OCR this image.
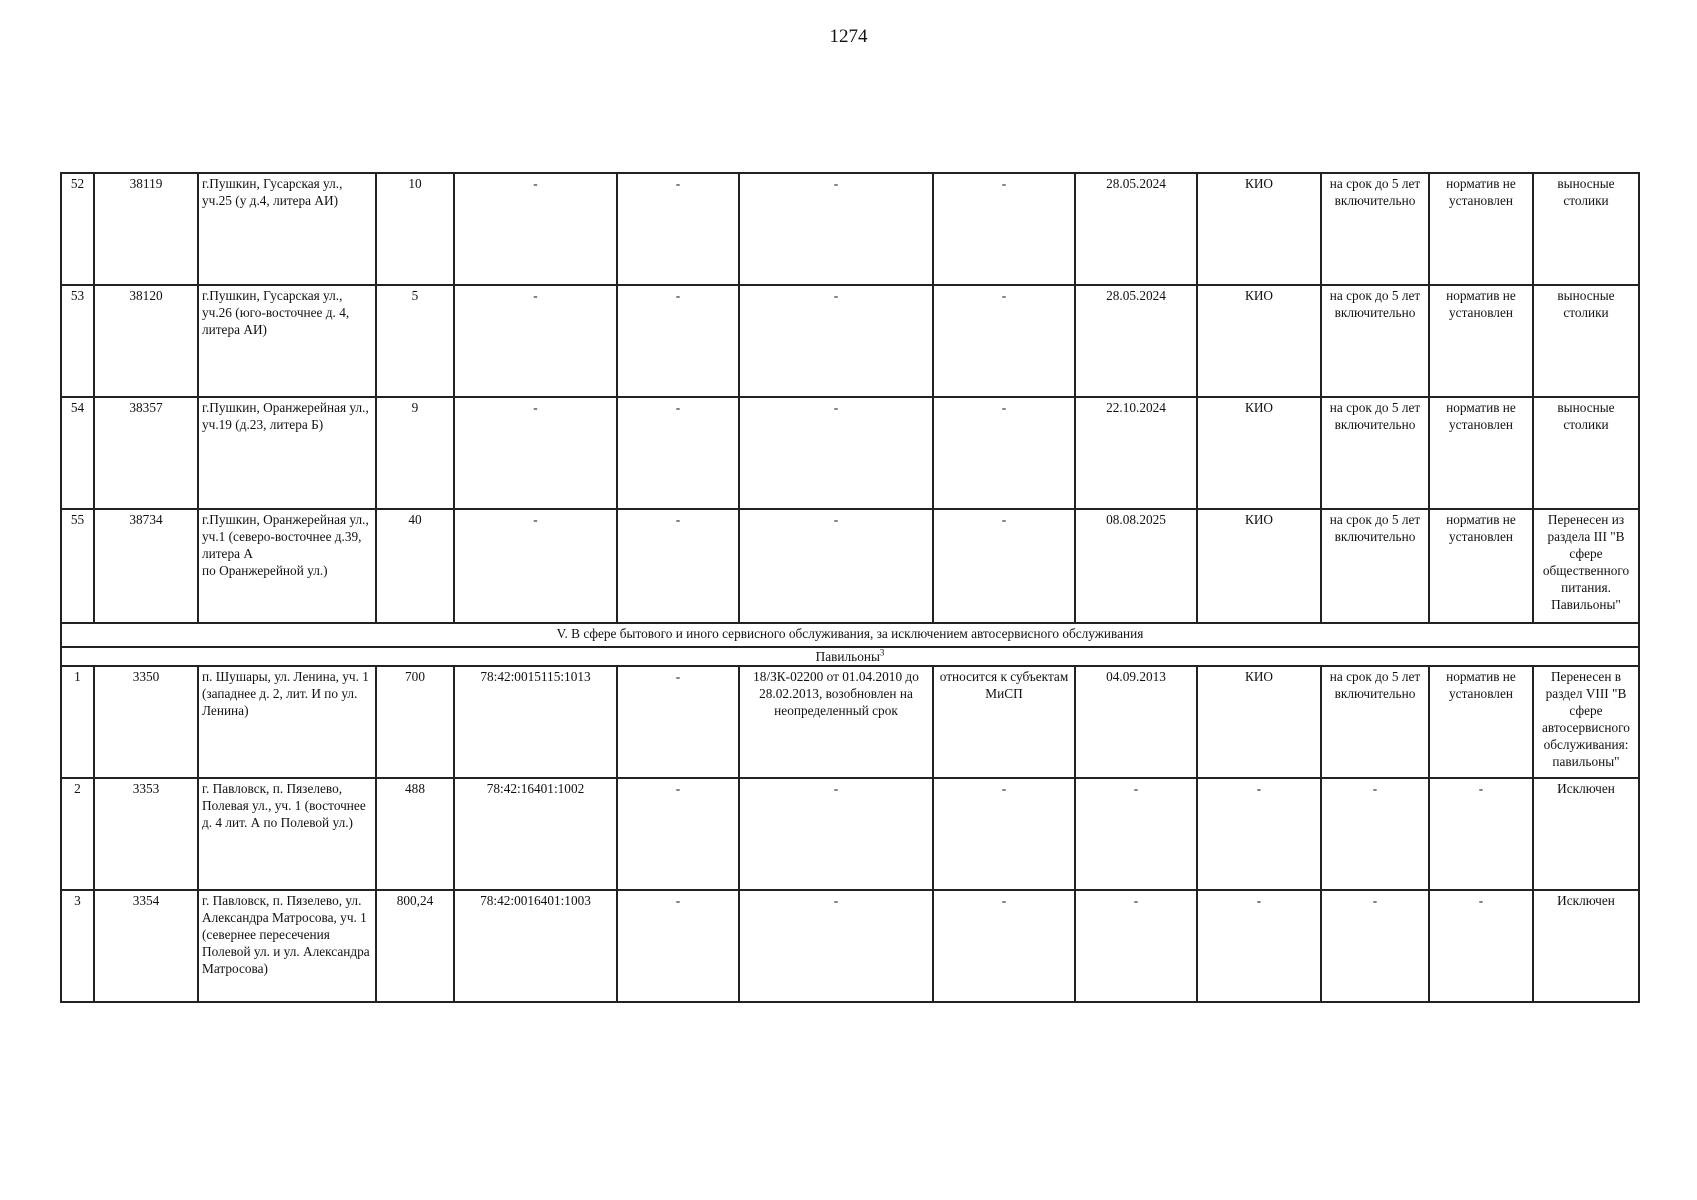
1274
52	38119	г.Пушкин, Гусарская ул., уч.25 (у д.4, литера АИ)	10	-	-	-	-	28.05.2024	КИО	на срок до 5 лет включительно	норматив не установлен	выносные столики
53	38120	г.Пушкин, Гусарская ул., уч.26 (юго-восточнее д. 4, литера АИ)	5	-	-	-	-	28.05.2024	КИО	на срок до 5 лет включительно	норматив не установлен	выносные столики
54	38357	г.Пушкин, Оранжерейная ул., уч.19 (д.23, литера Б)	9	-	-	-	-	22.10.2024	КИО	на срок до 5 лет включительно	норматив не установлен	выносные столики
55	38734	г.Пушкин, Оранжерейная ул., уч.1 (северо-восточнее д.39, литера А
по Оранжерейной ул.)	40	-	-	-	-	08.08.2025	КИО	на срок до 5 лет включительно	норматив не установлен	Перенесен из раздела III "В сфере общественного питания. Павильоны"
V. В сфере бытового и иного сервисного обслуживания, за исключением автосервисного обслуживания												
Павильоны$^3$
1	3350	п. Шушары, ул. Ленина, уч. 1 (западнее д. 2, лит. И по ул. Ленина)	700	78:42:0015115:1013	-	18/ЗК-02200 от 01.04.2010 до 28.02.2013, возобновлен на неопределенный срок	относится к субъектам МиСП	04.09.2013	КИО	на срок до 5 лет включительно	норматив не установлен	Перенесен в раздел VIII "В сфере автосервисного обслуживания: павильоны"
2	3353	г. Павловск, п. Пязелево, Полевая ул., уч. 1 (восточнее д. 4 лит. А по Полевой ул.)	488	78:42:16401:1002	-	-	-	-	-	-	-	Исключен
3	3354	г. Павловск, п. Пязелево, ул. Александра Матросова, уч. 1 (севернее пересечения Полевой ул. и ул. Александра Матросова)	800,24	78:42:0016401:1003	-	-	-	-	-	-	-	Исключен
